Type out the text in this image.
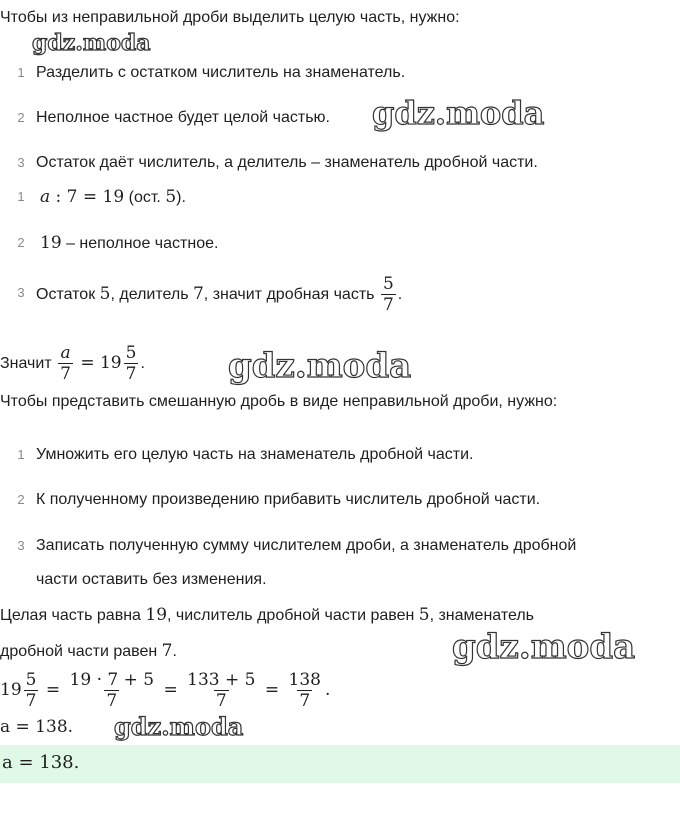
Чтобы из неправильной дроби выделить целую часть, нужно:
gdz.moda
1 Разделить с остатком числитель на знаменатель.
2 Неполное частное будет целой частью. gdz.moda
3 Остаток даёт числитель, а делитель – знаменатель дробной части.
1 a : 7 = 19 (ост. 5).
2 19 – неполное частное.
3 Остаток 5, делитель 7, значит дробная часть $\frac{5}{7}$ .
Значит $\frac{a}{7} = 19 \frac{5}{7}$ . gdz.moda
Чтобы представить смешанную дробь в виде неправильной дроби, нужно:
1 Умножить его целую часть на знаменатель дробной части.
2 К полученному произведению прибавить числитель дробной части.
3 Записать полученную сумму числителем дроби, а знаменатель дробной
части оставить без изменения.
Целая часть равна 19, числитель дробной части равен 5, знаменатель
дробной части равен 7.	gdz.moda
$19 \frac{5}{7} = \frac{19 \cdot 7 + 5}{7} = \frac{133 + 5}{7} = \frac{138}{7}$ .
a = 138. gdz.moda
a = 138.
